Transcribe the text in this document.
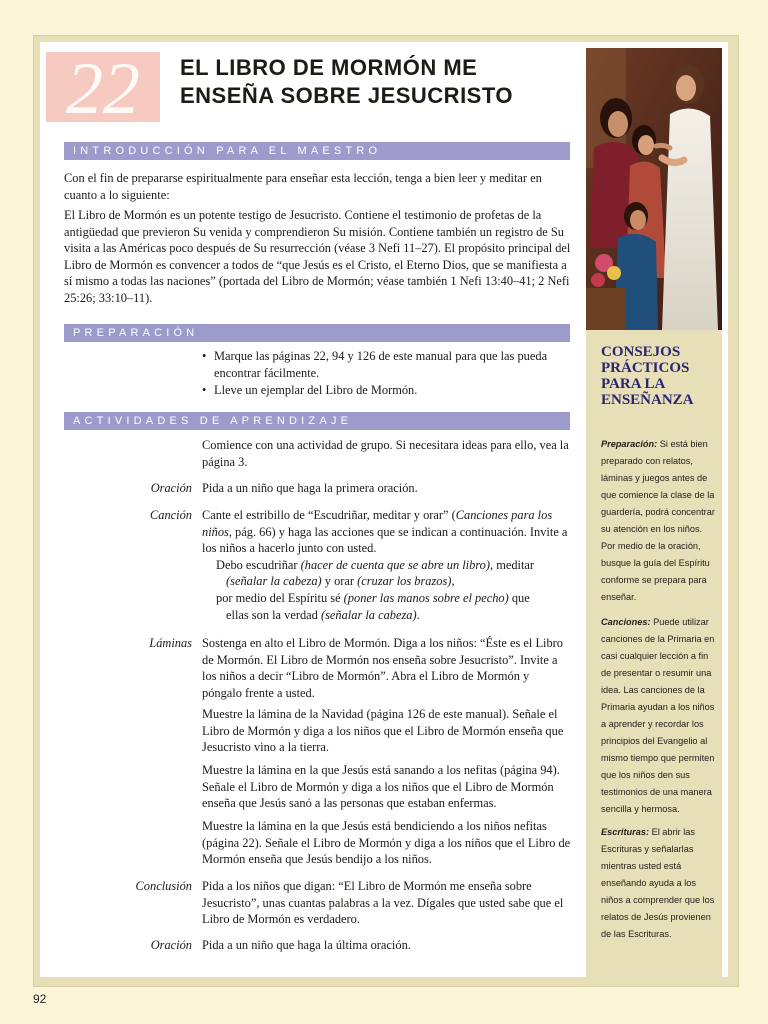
22	EL LIBRO DE MORMÓN ME
ENSEÑA SOBRE JESUCRISTO
INTRODUCCIÓN PARA EL MAESTRO

Con el fin de prepararse espiritualmente para enseñar esta lección, tenga a bien leer y meditar en cuanto a lo siguiente:

El Libro de Mormón es un potente testigo de Jesucristo. Contiene el testimonio de profetas de la antigüedad que previeron Su venida y comprendieron Su misión. Contiene también un registro de Su visita a las Américas poco después de Su resurrección (véase 3 Nefi 11–27). El propósito principal del Libro de Mormón es convencer a todos de “que Jesús es el Cristo, el Eterno Dios, que se manifiesta a sí mismo a todas las naciones” (portada del Libro de Mormón; véase también 1 Nefi 13:40–41; 2 Nefi 25:26; 33:10–11).

PREPARACIÓN
• Marque las páginas 22, 94 y 126 de este manual para que las pueda encontrar fácilmente.
• Lleve un ejemplar del Libro de Mormón.
ACTIVIDADES DE APRENDIZAJE

Comience con una actividad de grupo. Si necesitara ideas para ello, vea la página 3.

Oración Pida a un niño que haga la primera oración.

Canción Cante el estribillo de “Escudriñar, meditar y orar” (Canciones para los niños, pág. 66) y haga las acciones que se indican a continuación. Invite a los niños a hacerlo junto con usted.

Debo escudriñar (hacer de cuenta que se abre un libro), meditar
(señalar la cabeza) y orar (cruzar los brazos),
por medio del Espíritu sé (poner las manos sobre el pecho) que
ellas son la verdad (señalar la cabeza).
Láminas Sostenga en alto el Libro de Mormón. Diga a los niños: “Éste es el Libro de Mormón. El Libro de Mormón nos enseña sobre Jesucristo”. Invite a los niños a decir “Libro de Mormón”. Abra el Libro de Mormón y póngalo frente a usted.

Muestre la lámina de la Navidad (página 126 de este manual). Señale el Libro de Mormón y diga a los niños que el Libro de Mormón enseña que Jesucristo vino a la tierra.

Muestre la lámina en la que Jesús está sanando a los nefitas (página 94). Señale el Libro de Mormón y diga a los niños que el Libro de Mormón enseña que Jesús sanó a las personas que estaban enfermas.

Muestre la lámina en la que Jesús está bendiciendo a los niños nefitas (página 22). Señale el Libro de Mormón y diga a los niños que el Libro de Mormón enseña que Jesús bendijo a los niños.

Conclusión Pida a los niños que digan: “El Libro de Mormón me enseña sobre Jesucristo”, unas cuantas palabras a la vez. Dígales que usted sabe que el Libro de Mormón es verdadero.

Oración Pida a un niño que haga la última oración.

CONSEJOS
PRÁCTICOS
PARA LA
ENSEÑANZA

Preparación: Si está bien preparado con relatos, láminas y juegos antes de que comience la clase de la guardería, podrá concentrar su atención en los niños. Por medio de la oración, busque la guía del Espíritu conforme se prepara para enseñar.

Canciones: Puede utilizar canciones de la Primaria en casi cualquier lección a fin de presentar o resumir una idea. Las canciones de la Primaria ayudan a los niños a aprender y recordar los principios del Evangelio al mismo tiempo que permiten que los niños den sus testimonios de una manera sencilla y hermosa.

Escrituras: El abrir las Escrituras y señalarlas mientras usted está enseñando ayuda a los niños a comprender que los relatos de Jesús provienen de las Escrituras.

92
